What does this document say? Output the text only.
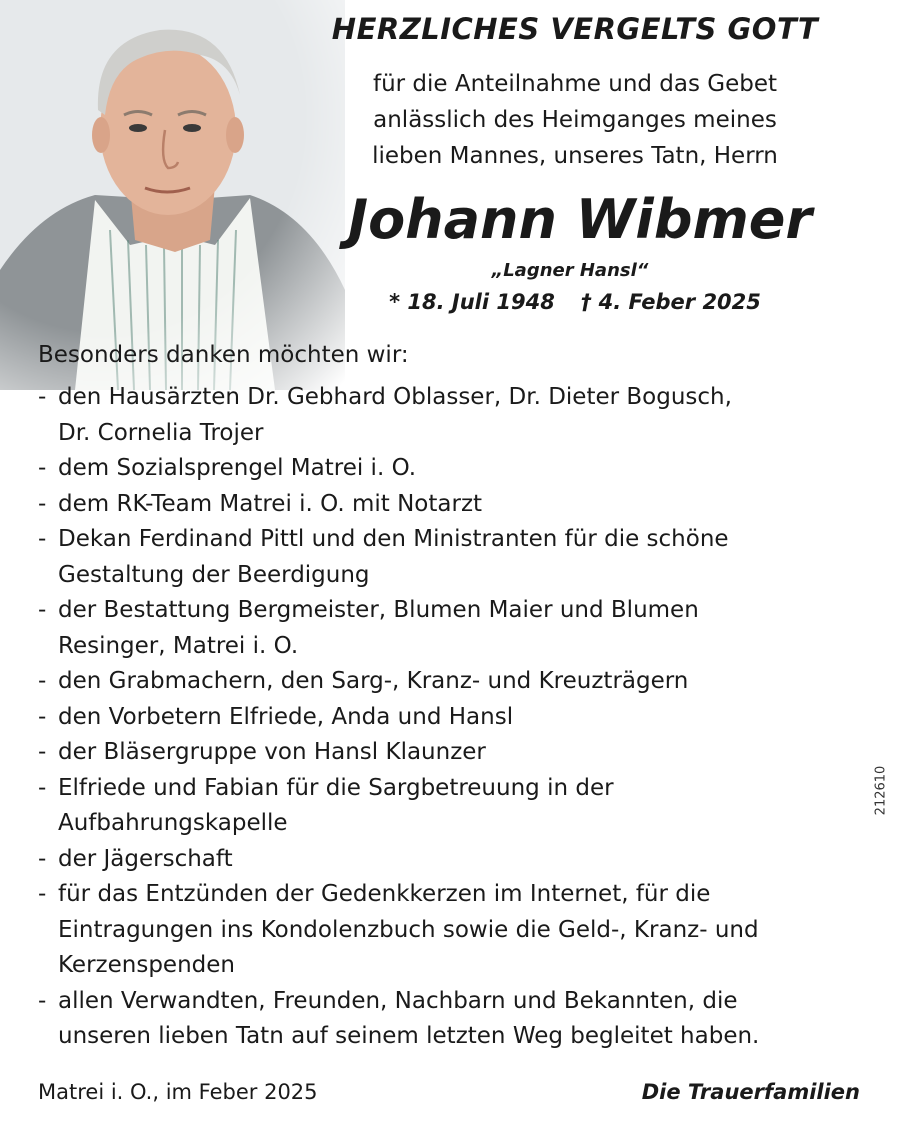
HERZLICHES VERGELTS GOTT
für die Anteilnahme und das Gebet
anlässlich des Heimganges meines
lieben Mannes, unseres Tatn, Herrn
Johann Wibmer
„Lagner Hansl“
* 18. Juli 1948 † 4. Feber 2025
Besonders danken möchten wir:
- den Hausärzten Dr. Gebhard Oblasser, Dr. Dieter Bogusch,
Dr. Cornelia Trojer
- dem Sozialsprengel Matrei i. O.
- dem RK-Team Matrei i. O. mit Notarzt
- Dekan Ferdinand Pittl und den Ministranten für die schöne
Gestaltung der Beerdigung
- der Bestattung Bergmeister, Blumen Maier und Blumen
Resinger, Matrei i. O.
- den Grabmachern, den Sarg-, Kranz- und Kreuzträgern
- den Vorbetern Elfriede, Anda und Hansl
- der Bläsergruppe von Hansl Klaunzer
- Elfriede und Fabian für die Sargbetreuung in der
Aufbahrungskapelle
- der Jägerschaft
- für das Entzünden der Gedenkkerzen im Internet, für die
Eintragungen ins Kondolenzbuch sowie die Geld-, Kranz- und
Kerzenspenden
- allen Verwandten, Freunden, Nachbarn und Bekannten, die
unseren lieben Tatn auf seinem letzten Weg begleitet haben.
Matrei i. O., im Feber 2025	Die Trauerfamilien
212610
